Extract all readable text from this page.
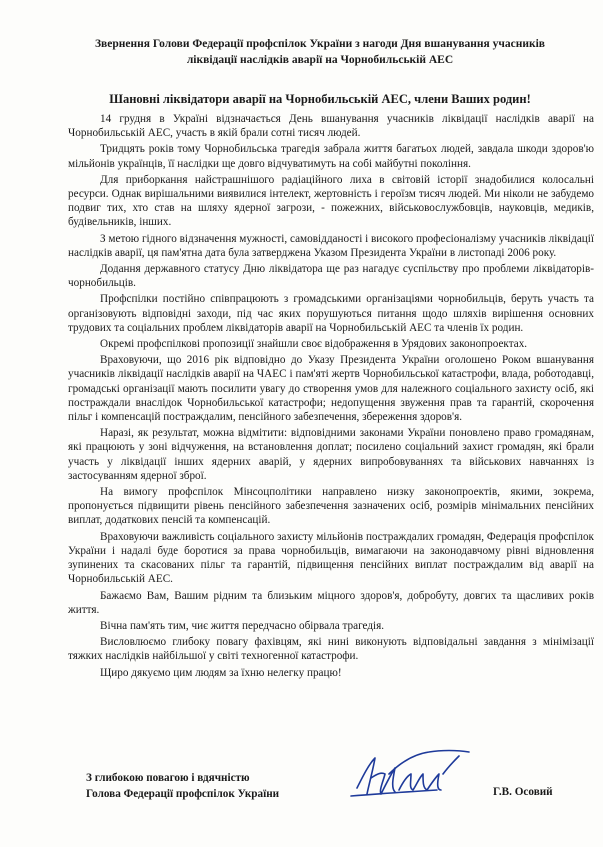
Звернення Голови Федерації профспілок України з нагоди Дня вшанування учасників ліквідації наслідків аварії на Чорнобильській АЕС
Шановні ліквідатори аварії на Чорнобильській АЕС, члени Ваших родин!

14 грудня в Україні відзначається День вшанування учасників ліквідації наслідків аварії на Чорнобильській АЕС, участь в якій брали сотні тисяч людей.

Тридцять років тому Чорнобильська трагедія забрала життя багатьох людей, завдала шкоди здоров'ю мільйонів українців, її наслідки ще довго відчуватимуть на собі майбутні покоління.

Для приборкання найстрашнішого радіаційного лиха в світовій історії знадобилися колосальні ресурси. Однак вирішальними виявилися інтелект, жертовність і героїзм тисяч людей. Ми ніколи не забудемо подвиг тих, хто став на шляху ядерної загрози, - пожежних, військовослужбовців, науковців, медиків, будівельників, інших.

З метою гідного відзначення мужності, самовідданості і високого професіоналізму учасників ліквідації наслідків аварії, ця пам'ятна дата була затверджена Указом Президента України в листопаді 2006 року.

Додання державного статусу Дню ліквідатора ще раз нагадує суспільству про проблеми ліквідаторів-чорнобильців.

Профспілки постійно співпрацюють з громадськими організаціями чорнобильців, беруть участь та організовують відповідні заходи, під час яких порушуються питання щодо шляхів вирішення основних трудових та соціальних проблем ліквідаторів аварії на Чорнобильській АЕС та членів їх родин.

Окремі профспілкові пропозиції знайшли своє відображення в Урядових законопроектах.

Враховуючи, що 2016 рік відповідно до Указу Президента України оголошено Роком вшанування учасників ліквідації наслідків аварії на ЧАЕС і пам'яті жертв Чорнобильської катастрофи, влада, роботодавці, громадські організації мають посилити увагу до створення умов для належного соціального захисту осіб, які постраждали внаслідок Чорнобильської катастрофи; недопущення звуження прав та гарантій, скорочення пільг і компенсацій постраждалим, пенсійного забезпечення, збереження здоров'я.

Наразі, як результат, можна відмітити: відповідними законами України поновлено право громадянам, які працюють у зоні відчуження, на встановлення доплат; посилено соціальний захист громадян, які брали участь у ліквідації інших ядерних аварій, у ядерних випробовуваннях та військових навчаннях із застосуванням ядерної зброї.

На вимогу профспілок Мінсоцполітики направлено низку законопроектів, якими, зокрема, пропонується підвищити рівень пенсійного забезпечення зазначених осіб, розмірів мінімальних пенсійних виплат, додаткових пенсій та компенсацій.

Враховуючи важливість соціального захисту мільйонів постраждалих громадян, Федерація профспілок України і надалі буде боротися за права чорнобильців, вимагаючи на законодавчому рівні відновлення зупинених та скасованих пільг та гарантій, підвищення пенсійних виплат постраждалим від аварії на Чорнобильській АЕС.

Бажаємо Вам, Вашим рідним та близьким міцного здоров'я, добробуту, довгих та щасливих років життя.

Вічна пам'ять тим, чиє життя передчасно обірвала трагедія.

Висловлюємо глибоку повагу фахівцям, які нині виконують відповідальні завдання з мінімізації тяжких наслідків найбільшої у світі техногенної катастрофи.

Щиро дякуємо цим людям за їхню нелегку працю!

З глибокою повагою і вдячністю
Голова Федерації профспілок України	Г.В. Осовий
